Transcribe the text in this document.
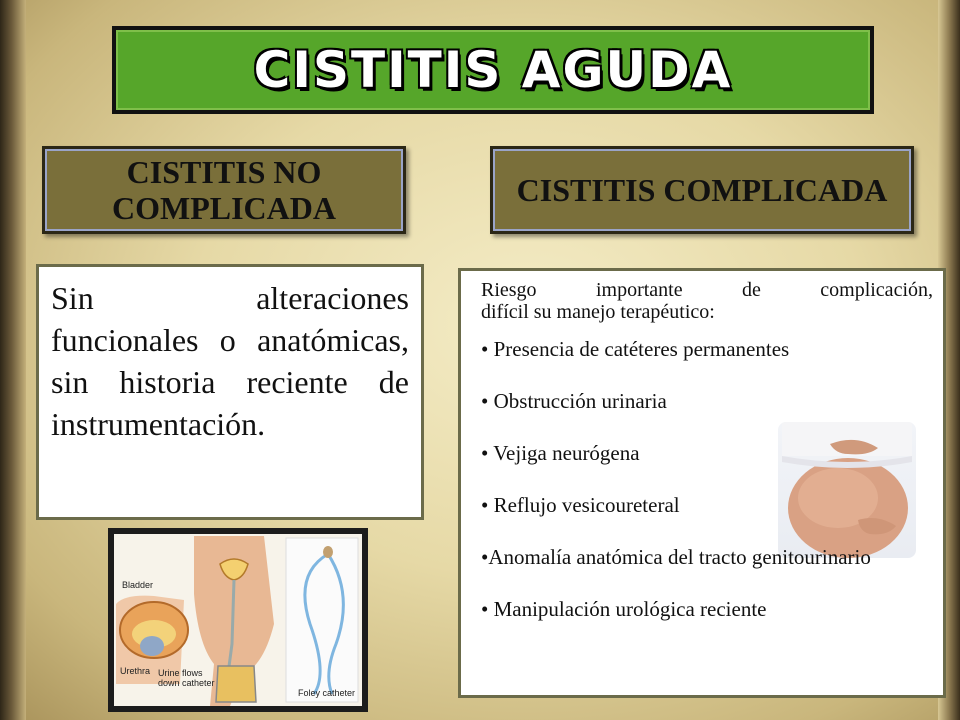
CISTITIS AGUDA
CISTITIS NO COMPLICADA	CISTITIS COMPLICADA

Sin alteraciones funcionales o anatómicas, sin historia reciente de instrumentación.

Riesgo importante de complicación,
difícil su manejo terapéutico:

• Presencia de catéteres permanentes

• Obstrucción urinaria

• Vejiga neurógena

• Reflujo vesicoureteral

•Anomalía anatómica del tracto genitourinario

• Manipulación urológica reciente

Bladder
Urethra Urine flows
down catheter
Foley catheter
